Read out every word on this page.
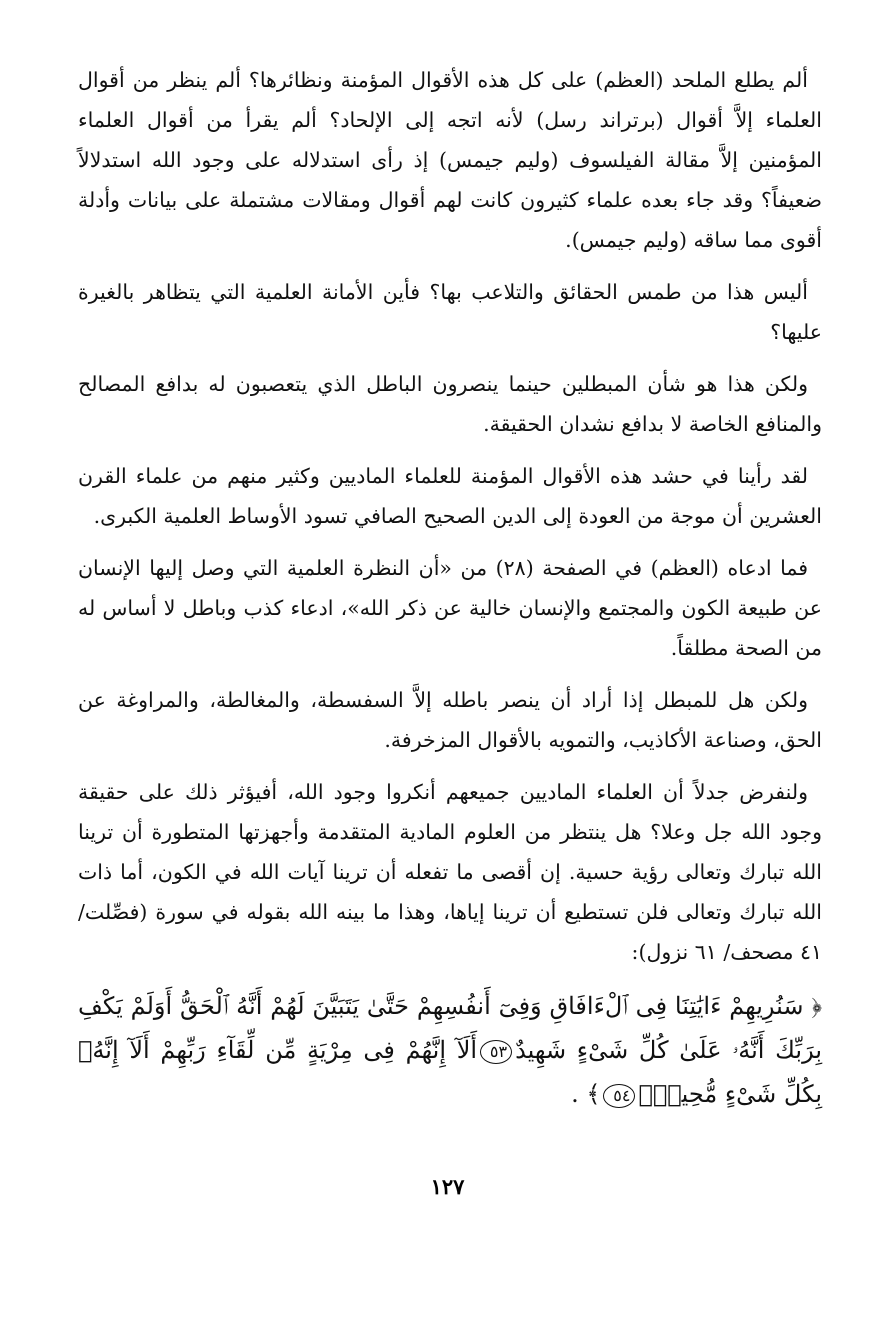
ألم يطلع الملحد (العظم) على كل هذه الأقوال المؤمنة ونظائرها؟ ألم ينظر من أقوال العلماء إلاَّ أقوال (برتراند رسل) لأنه اتجه إلى الإلحاد؟ ألم يقرأ من أقوال العلماء المؤمنين إلاَّ مقالة الفيلسوف (وليم جيمس) إذ رأى استدلاله على وجود الله استدلالاً ضعيفاً؟ وقد جاء بعده علماء كثيرون كانت لهم أقوال ومقالات مشتملة على بيانات وأدلة أقوى مما ساقه (وليم جيمس).

أليس هذا من طمس الحقائق والتلاعب بها؟ فأين الأمانة العلمية التي يتظاهر بالغيرة عليها؟

ولكن هذا هو شأن المبطلين حينما ينصرون الباطل الذي يتعصبون له بدافع المصالح والمنافع الخاصة لا بدافع نشدان الحقيقة.

لقد رأينا في حشد هذه الأقوال المؤمنة للعلماء الماديين وكثير منهم من علماء القرن العشرين أن موجة من العودة إلى الدين الصحيح الصافي تسود الأوساط العلمية الكبرى.

فما ادعاه (العظم) في الصفحة (٢٨) من «أن النظرة العلمية التي وصل إليها الإنسان عن طبيعة الكون والمجتمع والإنسان خالية عن ذكر الله»، ادعاء كذب وباطل لا أساس له من الصحة مطلقاً.

ولكن هل للمبطل إذا أراد أن ينصر باطله إلاَّ السفسطة، والمغالطة، والمراوغة عن الحق، وصناعة الأكاذيب، والتمويه بالأقوال المزخرفة.

ولنفرض جدلاً أن العلماء الماديين جميعهم أنكروا وجود الله، أفيؤثر ذلك على حقيقة وجود الله جل وعلا؟ هل ينتظر من العلوم المادية المتقدمة وأجهزتها المتطورة أن ترينا الله تبارك وتعالى رؤية حسية. إن أقصى ما تفعله أن ترينا آيات الله في الكون، أما ذات الله تبارك وتعالى فلن تستطيع أن ترينا إياها، وهذا ما بينه الله بقوله في سورة (فصِّلت/ ٤١ مصحف/ ٦١ نزول):

﴿ سَنُرِيهِمْ ءَايَٰتِنَا فِى ٱلْءَافَاقِ وَفِىٓ أَنفُسِهِمْ حَتَّىٰ يَتَبَيَّنَ لَهُمْ أَنَّهُ ٱلْحَقُّ أَوَلَمْ يَكْفِ بِرَبِّكَ أَنَّهُۥ عَلَىٰ كُلِّ شَىْءٍ شَهِيدٌ٥٣أَلَآ إِنَّهُمْ فِى مِرْيَةٍ مِّن لِّقَآءِ رَبِّهِمْ أَلَآ إِنَّهُۥ بِكُلِّ شَىْءٍ مُّحِيطٌۢ٥٤﴾ .

١٢٧
